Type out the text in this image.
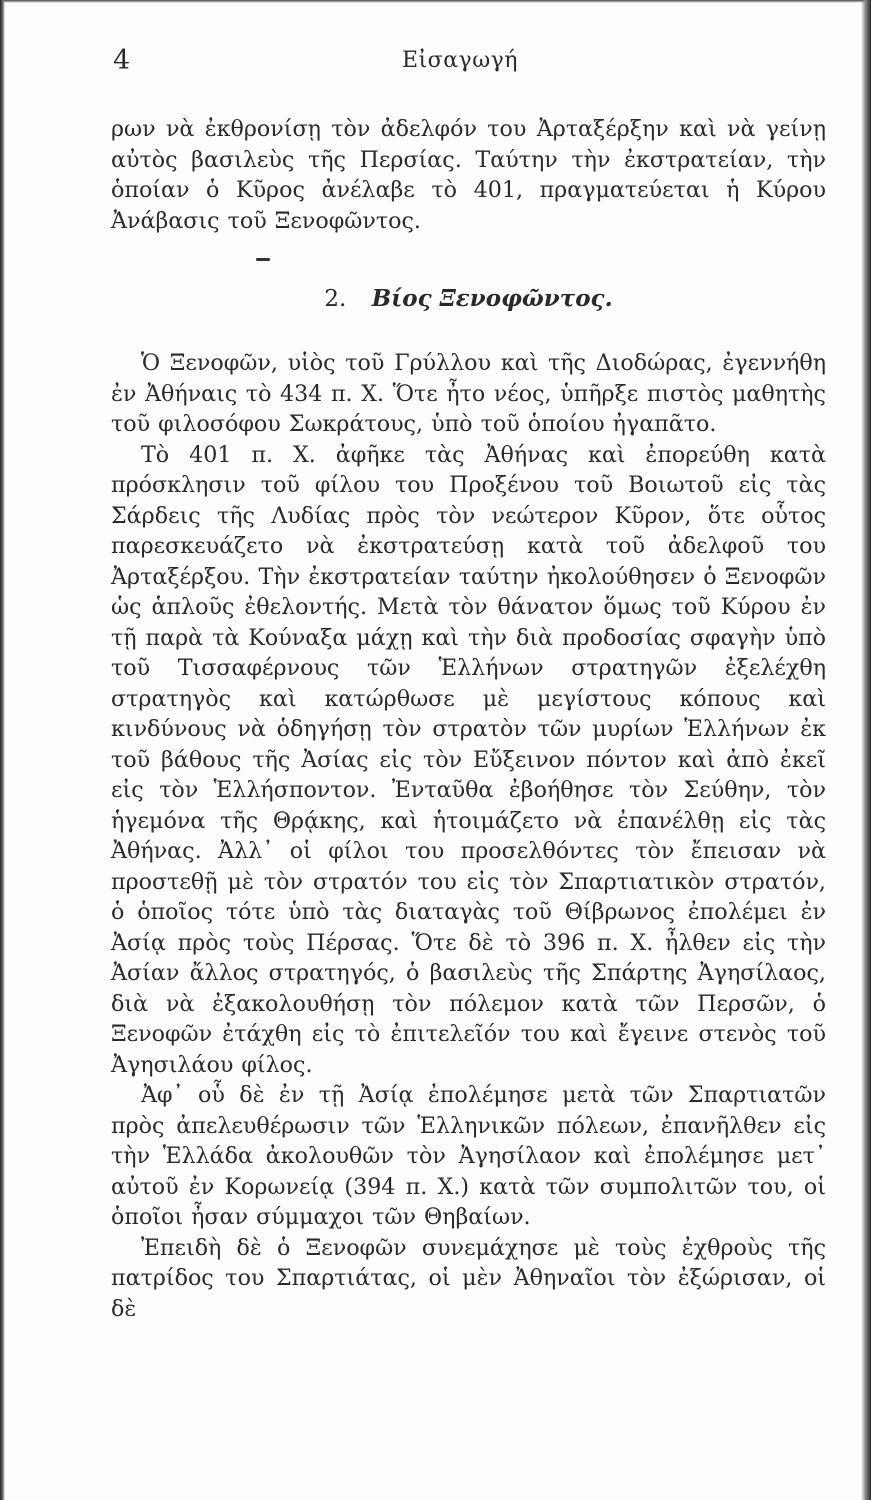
4	Εἰσαγωγή

ρων νὰ ἐκθρονίσῃ τὸν ἀδελφόν του Ἀρταξέρξην καὶ νὰ γείνῃ αὐτὸς βασιλεὺς τῆς Περσίας. Ταύτην τὴν ἐκστρατείαν, τὴν ὁποίαν ὁ Κῦρος ἀνέλαβε τὸ 401, πραγματεύεται ἡ Κύρου Ἀνάβασις τοῦ Ξενοφῶντος.

2. Βίος Ξενοφῶντος.

Ὁ Ξενοφῶν, υἱὸς τοῦ Γρύλλου καὶ τῆς Διοδώρας, ἐγεννήθη ἐν Ἀθήναις τὸ 434 π. Χ. Ὅτε ἦτο νέος, ὑπῆρξε πιστὸς μαθητὴς τοῦ φιλοσόφου Σωκράτους, ὑπὸ τοῦ ὁποίου ἠγαπᾶτο.

Τὸ 401 π. Χ. ἀφῆκε τὰς Ἀθήνας καὶ ἐπορεύθη κατὰ πρόσκλησιν τοῦ φίλου του Προξένου τοῦ Βοιωτοῦ εἰς τὰς Σάρδεις τῆς Λυδίας πρὸς τὸν νεώτερον Κῦρον, ὅτε οὗτος παρεσκευάζετο νὰ ἐκστρατεύσῃ κατὰ τοῦ ἀδελφοῦ του Ἀρταξέρξου. Τὴν ἐκστρατείαν ταύτην ἠκολούθησεν ὁ Ξενοφῶν ὡς ἁπλοῦς ἐθελοντής. Μετὰ τὸν θάνατον ὅμως τοῦ Κύρου ἐν τῇ παρὰ τὰ Κούναξα μάχῃ καὶ τὴν διὰ προδοσίας σφαγὴν ὑπὸ τοῦ Τισσαφέρνους τῶν Ἑλλήνων στρατηγῶν ἐξελέχθη στρατηγὸς καὶ κατώρθωσε μὲ μεγίστους κόπους καὶ κινδύνους νὰ ὁδηγήσῃ τὸν στρατὸν τῶν μυρίων Ἑλλήνων ἐκ τοῦ βάθους τῆς Ἀσίας εἰς τὸν Εὔξεινον πόντον καὶ ἀπὸ ἐκεῖ εἰς τὸν Ἑλλήσποντον. Ἐνταῦθα ἐβοήθησε τὸν Σεύθην, τὸν ἡγεμόνα τῆς Θρᾴκης, καὶ ἡτοιμάζετο νὰ ἐπανέλθῃ εἰς τὰς Ἀθήνας. Ἀλλ᾽ οἱ φίλοι του προσελθόντες τὸν ἔπεισαν νὰ προστεθῇ μὲ τὸν στρατόν του εἰς τὸν Σπαρτιατικὸν στρατόν, ὁ ὁποῖος τότε ὑπὸ τὰς διαταγὰς τοῦ Θίβρωνος ἐπολέμει ἐν Ἀσίᾳ πρὸς τοὺς Πέρσας. Ὅτε δὲ τὸ 396 π. Χ. ἦλθεν εἰς τὴν Ἀσίαν ἄλλος στρατηγός, ὁ βασιλεὺς τῆς Σπάρτης Ἀγησίλαος, διὰ νὰ ἐξακολουθήσῃ τὸν πόλεμον κατὰ τῶν Περσῶν, ὁ Ξενοφῶν ἐτάχθη εἰς τὸ ἐπιτελεῖόν του καὶ ἔγεινε στενὸς τοῦ Ἀγησιλάου φίλος.

Ἀφ᾽ οὗ δὲ ἐν τῇ Ἀσίᾳ ἐπολέμησε μετὰ τῶν Σπαρτιατῶν πρὸς ἀπελευθέρωσιν τῶν Ἑλληνικῶν πόλεων, ἐπανῆλθεν εἰς τὴν Ἑλλάδα ἀκολουθῶν τὸν Ἀγησίλαον καὶ ἐπολέμησε μετ᾽ αὐτοῦ ἐν Κορωνείᾳ (394 π. Χ.) κατὰ τῶν συμπολιτῶν του, οἱ ὁποῖοι ἦσαν σύμμαχοι τῶν Θηβαίων.

Ἐπειδὴ δὲ ὁ Ξενοφῶν συνεμάχησε μὲ τοὺς ἐχθροὺς τῆς πατρίδος του Σπαρτιάτας, οἱ μὲν Ἀθηναῖοι τὸν ἐξώρισαν, οἱ δὲ
